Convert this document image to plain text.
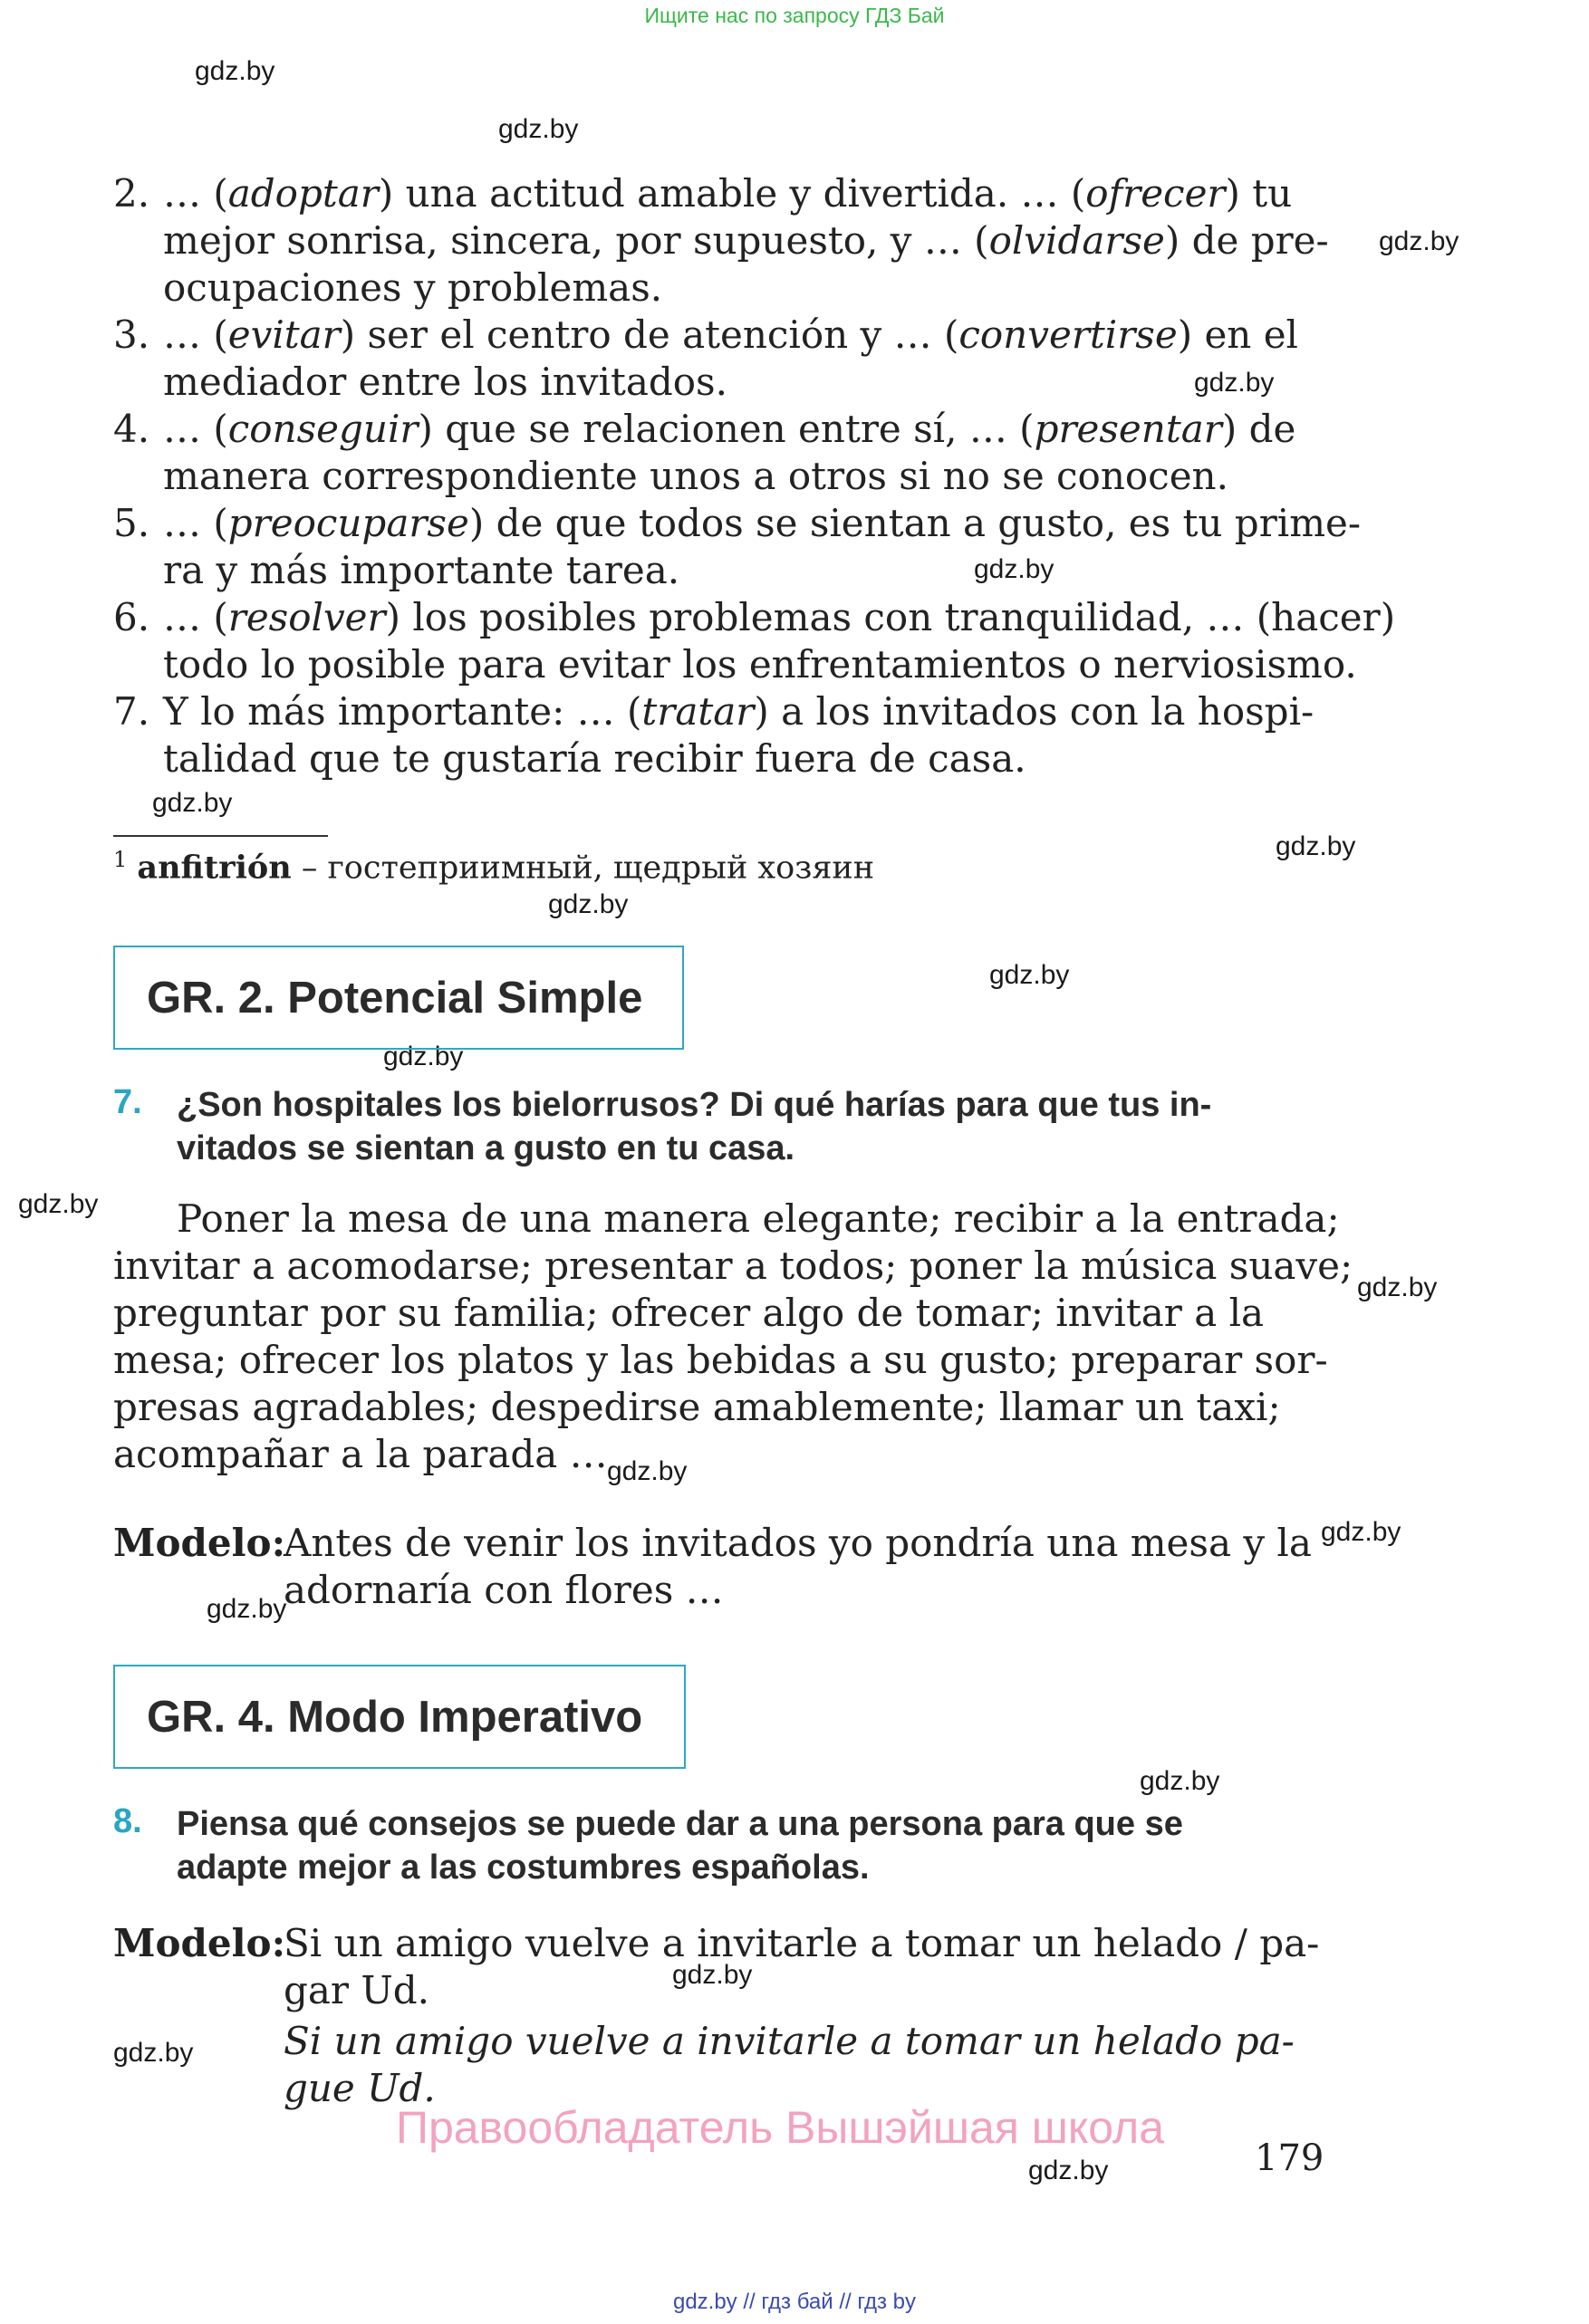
Ищите нас по запросу ГДЗ Бай
gdz.by
gdz.by
gdz.by
gdz.by
gdz.by
gdz.by
gdz.by
gdz.by
gdz.by
gdz.by
gdz.by
gdz.by
gdz.by
gdz.by
gdz.by
gdz.by
gdz.by
gdz.by
gdz.by
2. … (adoptar) una actitud amable y divertida. … (ofrecer) tu
mejor sonrisa, sincera, por supuesto, y … (olvidarse) de pre-
ocupaciones y problemas.
3. … (evitar) ser el centro de atención y … (convertirse) en el
mediador entre los invitados.
4. … (conseguir) que se relacionen entre sí, … (presentar) de
manera correspondiente unos a otros si no se conocen.
5. … (preocuparse) de que todos se sientan a gusto, es tu prime-
ra y más importante tarea.
6. … (resolver) los posibles problemas con tranquilidad, … (hacer)
todo lo posible para evitar los enfrentamientos o nerviosismo.
7. Y lo más importante: … (tratar) a los invitados con la hospi-
talidad que te gustaría recibir fuera de casa.
$^1$ anfitrión – гостеприимный, щедрый хозяин
GR. 2. Potencial Simple
7. ¿Son hospitales los bielorrusos? Di qué harías para que tus in-
vitados se sientan a gusto en tu casa.
Poner la mesa de una manera elegante; recibir a la entrada;
invitar a acomodarse; presentar a todos; poner la música suave;
preguntar por su familia; ofrecer algo de tomar; invitar a la
mesa; ofrecer los platos y las bebidas a su gusto; preparar sor-
presas agradables; despedirse amablemente; llamar un taxi;
acompañar a la parada …
Modelo:
Antes de venir los invitados yo pondría una mesa y la
adornaría con flores …
GR. 4. Modo Imperativo
8. Piensa qué consejos se puede dar a una persona para que se
adapte mejor a las costumbres españolas.
Modelo:
Si un amigo vuelve a invitarle a tomar un helado / pa-
gar Ud.
Si un amigo vuelve a invitarle a tomar un helado pa-
gue Ud.
Правообладатель Вышэйшая школа
179
gdz.by // гдз бай // гдз by
